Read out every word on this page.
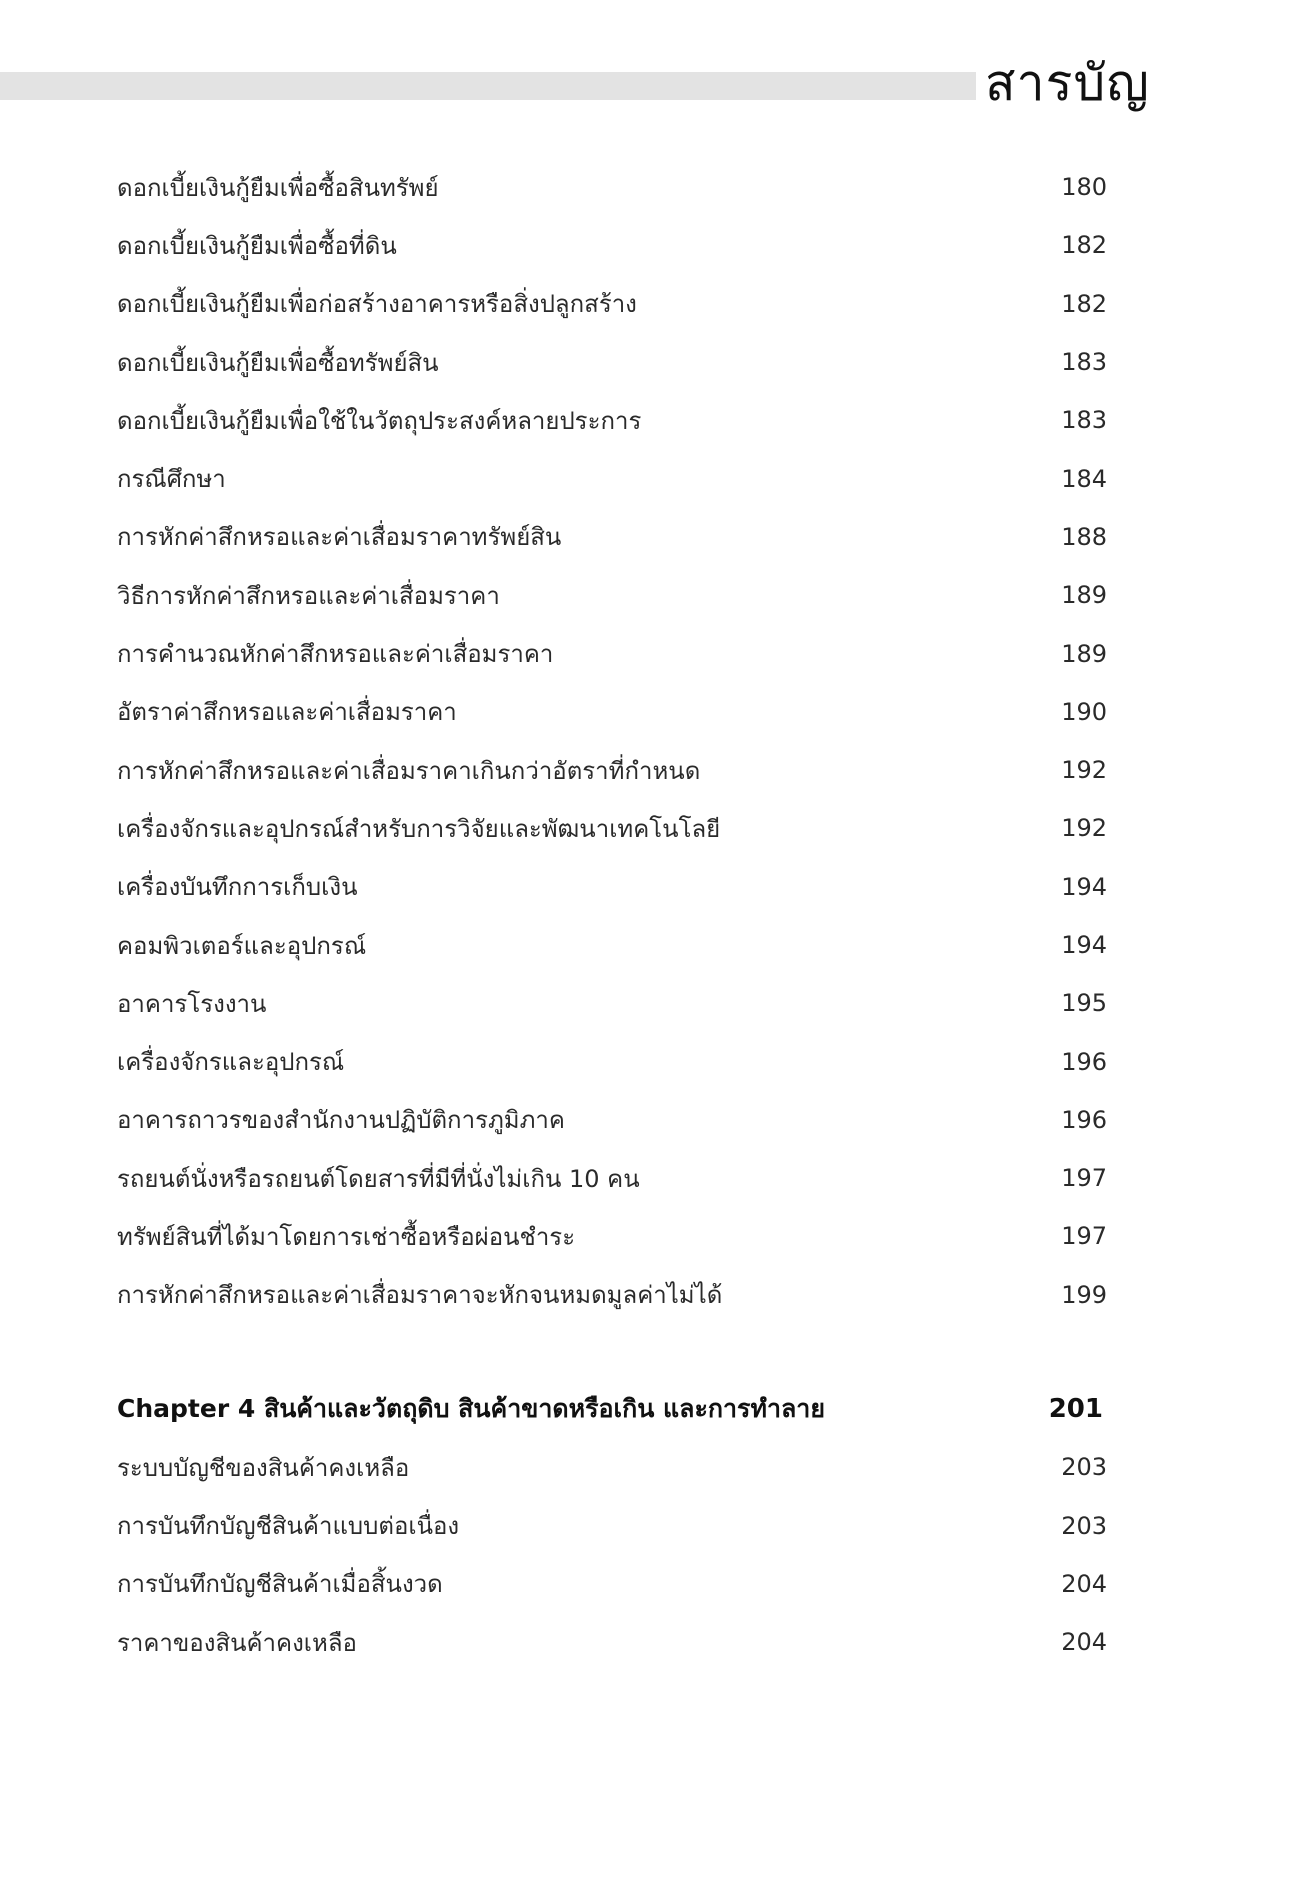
สารบัญ
ดอกเบี้ยเงินกู้ยืมเพื่อซื้อสินทรัพย์	180
ดอกเบี้ยเงินกู้ยืมเพื่อซื้อที่ดิน	182
ดอกเบี้ยเงินกู้ยืมเพื่อก่อสร้างอาคารหรือสิ่งปลูกสร้าง	182
ดอกเบี้ยเงินกู้ยืมเพื่อซื้อทรัพย์สิน	183
ดอกเบี้ยเงินกู้ยืมเพื่อใช้ในวัตถุประสงค์หลายประการ	183
กรณีศึกษา	184
การหักค่าสึกหรอและค่าเสื่อมราคาทรัพย์สิน	188
วิธีการหักค่าสึกหรอและค่าเสื่อมราคา	189
การคำนวณหักค่าสึกหรอและค่าเสื่อมราคา	189
อัตราค่าสึกหรอและค่าเสื่อมราคา	190
การหักค่าสึกหรอและค่าเสื่อมราคาเกินกว่าอัตราที่กำหนด	192
เครื่องจักรและอุปกรณ์สำหรับการวิจัยและพัฒนาเทคโนโลยี	192
เครื่องบันทึกการเก็บเงิน	194
คอมพิวเตอร์และอุปกรณ์	194
อาคารโรงงาน	195
เครื่องจักรและอุปกรณ์	196
อาคารถาวรของสำนักงานปฏิบัติการภูมิภาค	196
รถยนต์นั่งหรือรถยนต์โดยสารที่มีที่นั่งไม่เกิน 10 คน	197
ทรัพย์สินที่ได้มาโดยการเช่าซื้อหรือผ่อนชำระ	197
การหักค่าสึกหรอและค่าเสื่อมราคาจะหักจนหมดมูลค่าไม่ได้	199
Chapter 4 สินค้าและวัตถุดิบ สินค้าขาดหรือเกิน และการทำลาย	201
ระบบบัญชีของสินค้าคงเหลือ	203
การบันทึกบัญชีสินค้าแบบต่อเนื่อง	203
การบันทึกบัญชีสินค้าเมื่อสิ้นงวด	204
ราคาของสินค้าคงเหลือ	204
